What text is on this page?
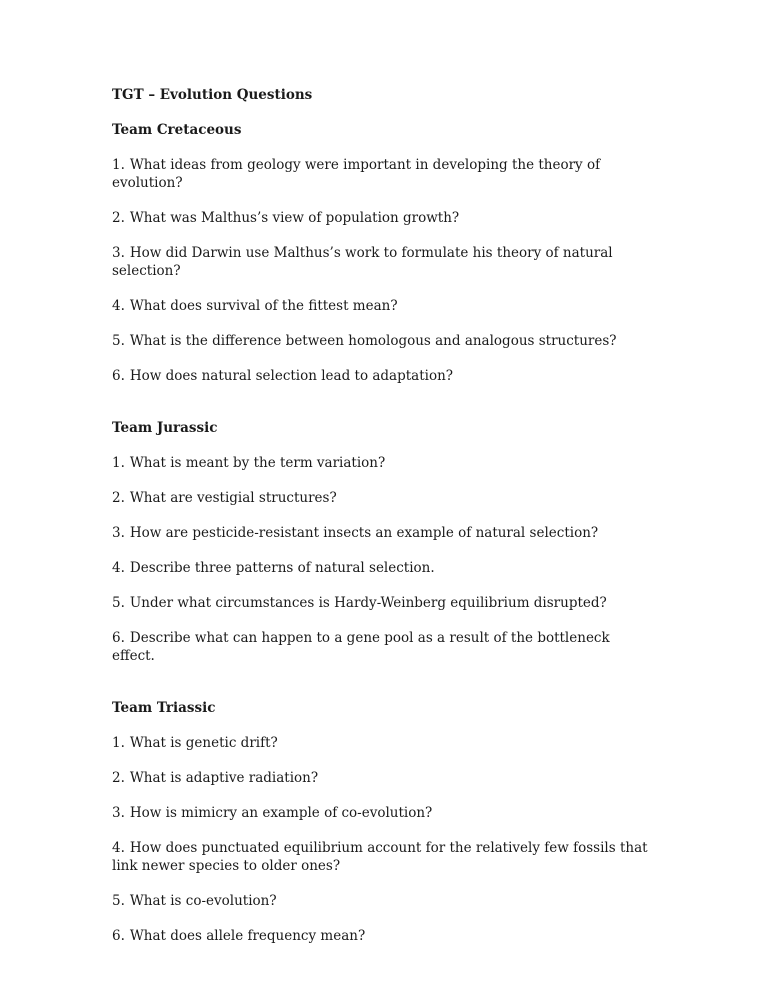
TGT – Evolution Questions

Team Cretaceous

1. What ideas from geology were important in developing the theory of evolution?

2. What was Malthus’s view of population growth?

3. How did Darwin use Malthus’s work to formulate his theory of natural selection?

4. What does survival of the fittest mean?

5. What is the difference between homologous and analogous structures?

6. How does natural selection lead to adaptation?

Team Jurassic

1. What is meant by the term variation?

2. What are vestigial structures?

3. How are pesticide-resistant insects an example of natural selection?

4. Describe three patterns of natural selection.

5. Under what circumstances is Hardy-Weinberg equilibrium disrupted?

6. Describe what can happen to a gene pool as a result of the bottleneck effect.

Team Triassic

1. What is genetic drift?

2. What is adaptive radiation?

3. How is mimicry an example of co-evolution?

4. How does punctuated equilibrium account for the relatively few fossils that link newer species to older ones?

5. What is co-evolution?

6. What does allele frequency mean?
